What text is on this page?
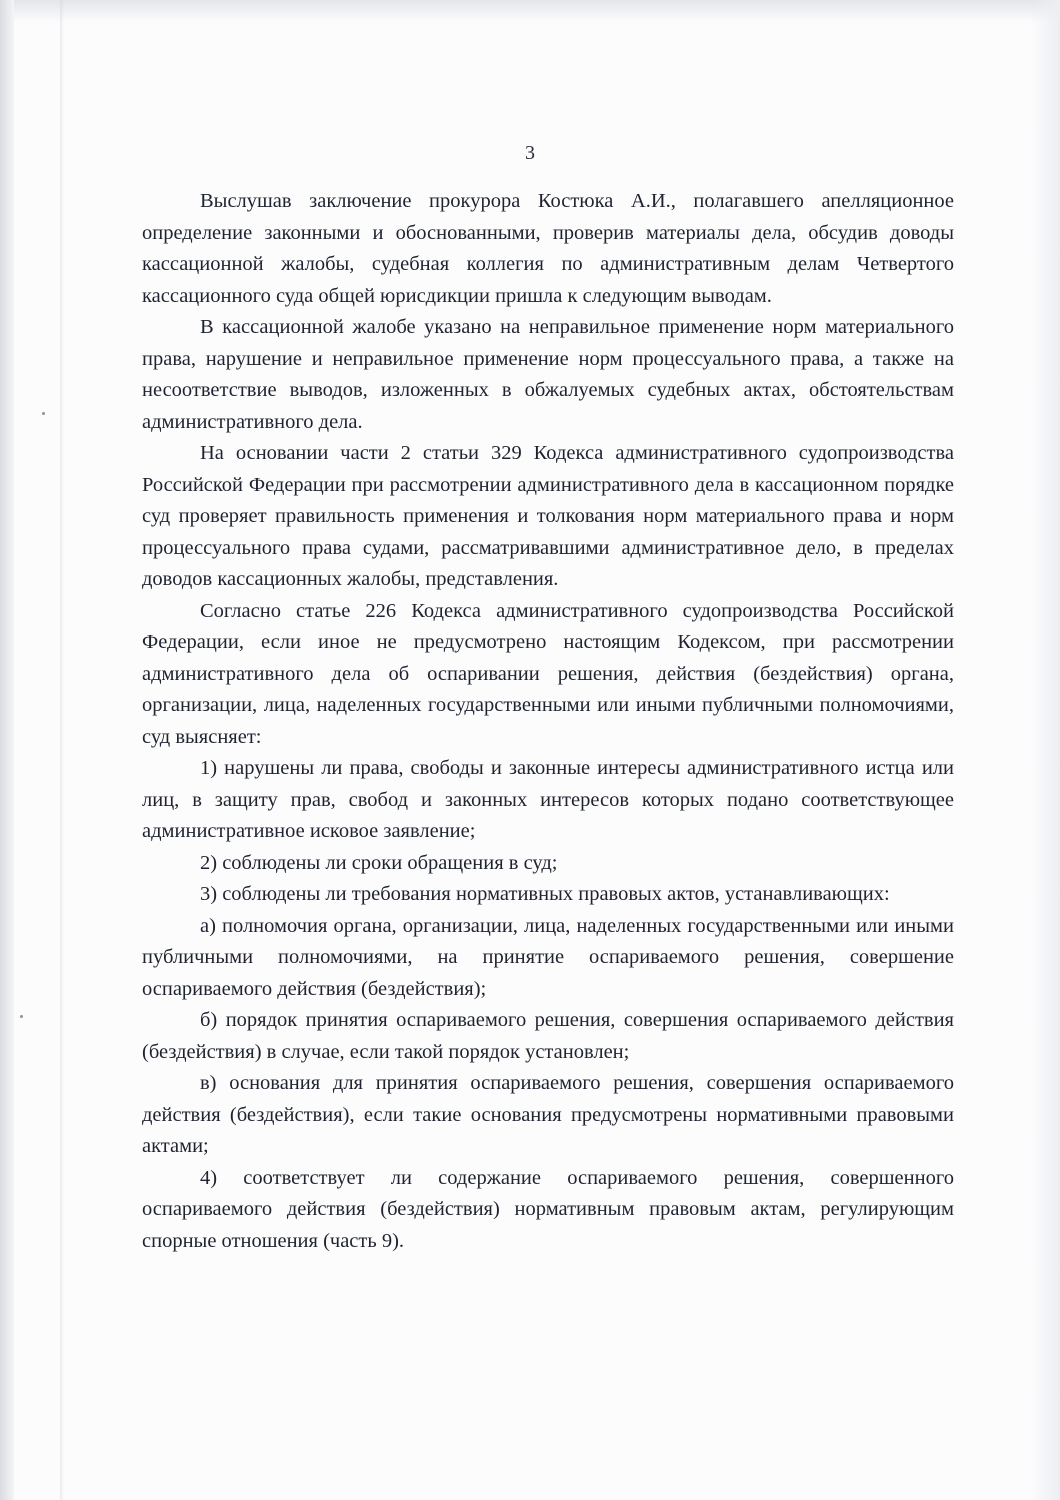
3

Выслушав заключение прокурора Костюка А.И., полагавшего апелляционное определение законными и обоснованными, проверив материалы дела, обсудив доводы кассационной жалобы, судебная коллегия по административным делам Четвертого кассационного суда общей юрисдикции пришла к следующим выводам.

В кассационной жалобе указано на неправильное применение норм материального права, нарушение и неправильное применение норм процессуального права, а также на несоответствие выводов, изложенных в обжалуемых судебных актах, обстоятельствам административного дела.

На основании части 2 статьи 329 Кодекса административного судопроизводства Российской Федерации при рассмотрении административного дела в кассационном порядке суд проверяет правильность применения и толкования норм материального права и норм процессуального права судами, рассматривавшими административное дело, в пределах доводов кассационных жалобы, представления.

Согласно статье 226 Кодекса административного судопроизводства Российской Федерации, если иное не предусмотрено настоящим Кодексом, при рассмотрении административного дела об оспаривании решения, действия (бездействия) органа, организации, лица, наделенных государственными или иными публичными полномочиями, суд выясняет:

1) нарушены ли права, свободы и законные интересы административного истца или лиц, в защиту прав, свобод и законных интересов которых подано соответствующее административное исковое заявление;

2) соблюдены ли сроки обращения в суд;

3) соблюдены ли требования нормативных правовых актов, устанавливающих:

а) полномочия органа, организации, лица, наделенных государственными или иными публичными полномочиями, на принятие оспариваемого решения, совершение оспариваемого действия (бездействия);

б) порядок принятия оспариваемого решения, совершения оспариваемого действия (бездействия) в случае, если такой порядок установлен;

в) основания для принятия оспариваемого решения, совершения оспариваемого действия (бездействия), если такие основания предусмотрены нормативными правовыми актами;

4) соответствует ли содержание оспариваемого решения, совершенного оспариваемого действия (бездействия) нормативным правовым актам, регулирующим спорные отношения (часть 9).
